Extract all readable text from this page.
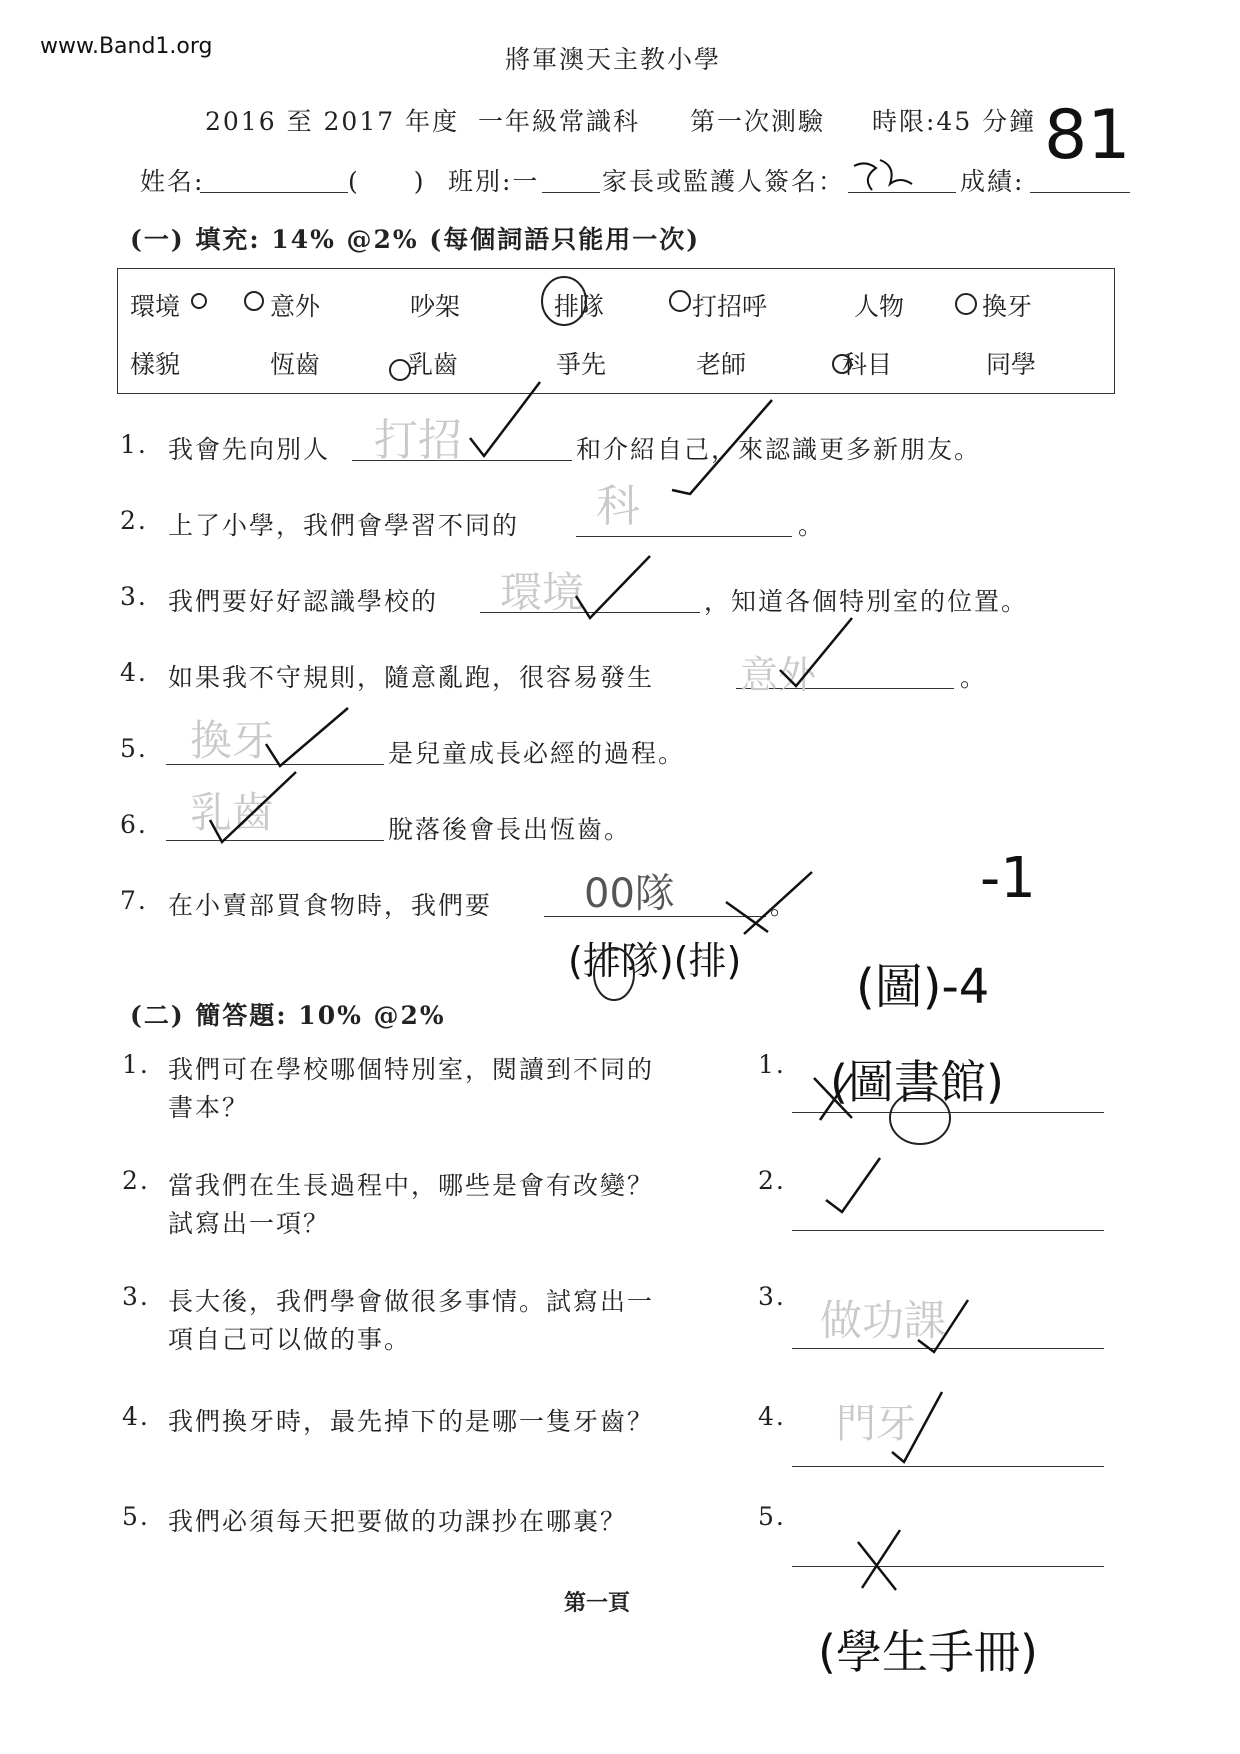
www.Band1.org	將軍澳天主教小學
2016 至 2017 年度 一年級常識科 第一次測驗 時限:45 分鐘
姓名:	(　　) 班別:一	家長或監護人簽名：	成績:
(一) 填充: 14% @2% (每個詞語只能用一次)
環境	意外	吵架	排隊	打招呼	人物	換牙
樣貌	恆齒	乳齒	爭先	老師	科目	同學
1. 我會先向別人	和介紹自己，來認識更多新朋友。
2. 上了小學，我們會學習不同的	。
3. 我們要好好認識學校的	，知道各個特別室的位置。
4. 如果我不守規則，隨意亂跑，很容易發生	。
5.	是兒童成長必經的過程。
6.	脫落後會長出恆齒。
7. 在小賣部買食物時，我們要	。
(二) 簡答題: 10% @2%
1. 我們可在學校哪個特別室，閱讀到不同的
書本？
1.
2. 當我們在生長過程中，哪些是會有改變？
試寫出一項？
2.
3. 長大後，我們學會做很多事情。試寫出一
項自己可以做的事。
3.
4. 我們換牙時，最先掉下的是哪一隻牙齒？	4.
5. 我們必須每天把要做的功課抄在哪裏？	5.
第一頁
81
打招
科
環境
意外
換牙
乳齒
00隊
(排隊)(排)
-1
(圖)-4
(圖書館)
做功課
門牙
(學生手冊)
